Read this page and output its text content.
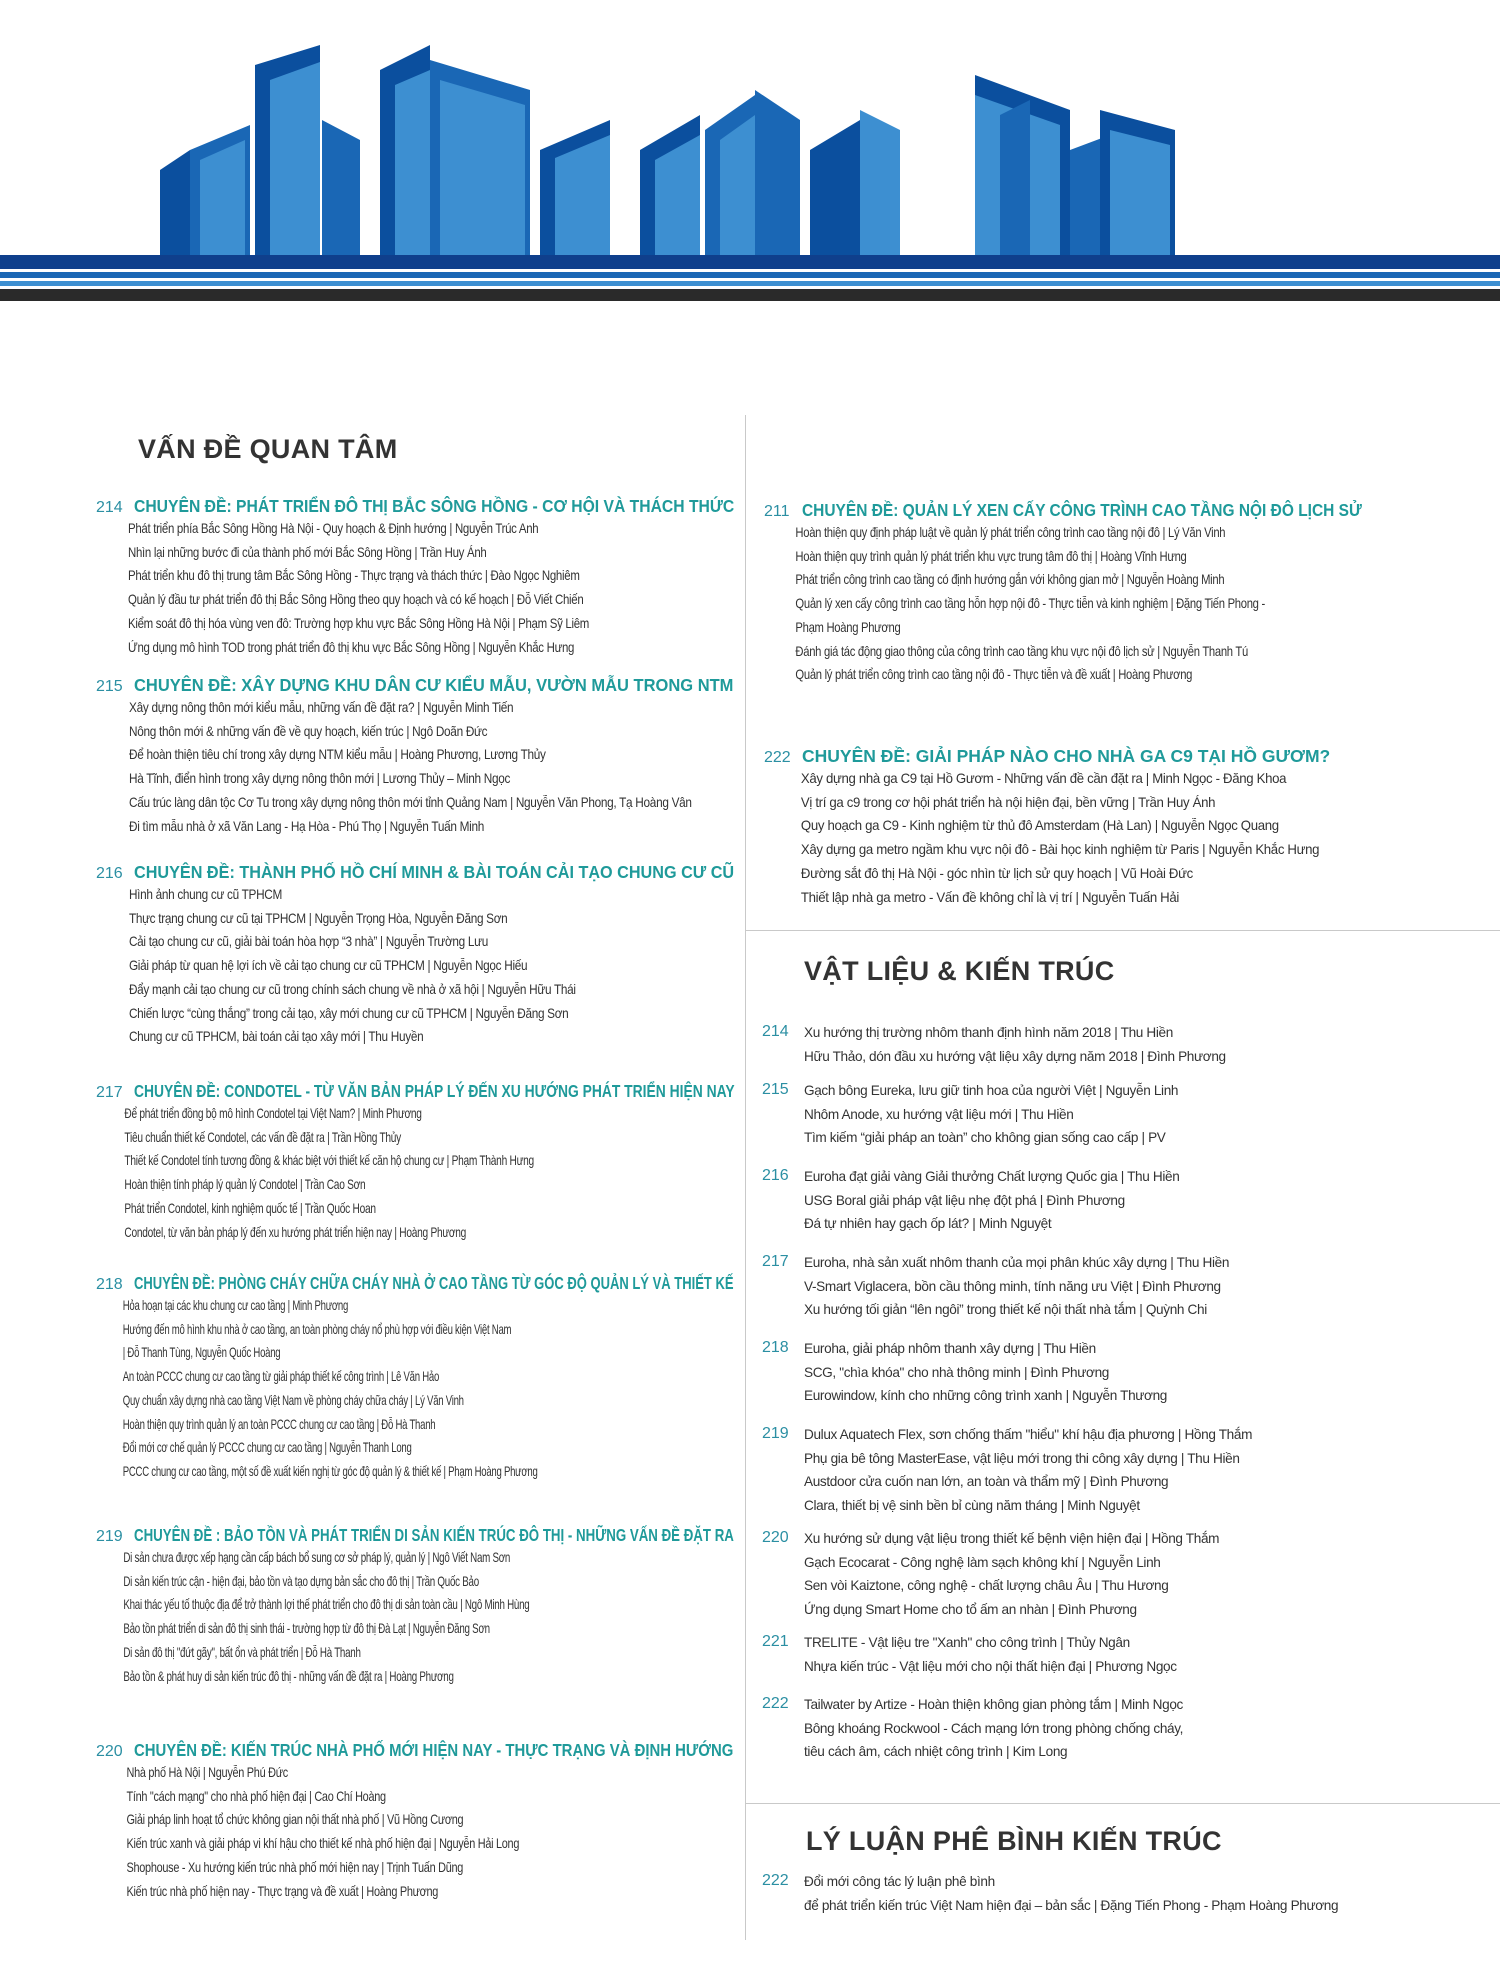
VẤN ĐỀ QUAN TÂM
214 CHUYÊN ĐỀ: PHÁT TRIỂN ĐÔ THỊ BẮC SÔNG HỒNG - CƠ HỘI VÀ THÁCH THỨC
Phát triển phía Bắc Sông Hồng Hà Nội - Quy hoạch & Định hướng | Nguyễn Trúc Anh
Nhìn lại những bước đi của thành phố mới Bắc Sông Hồng | Trần Huy Ánh
Phát triển khu đô thị trung tâm Bắc Sông Hồng - Thực trạng và thách thức | Đào Ngọc Nghiêm
Quản lý đầu tư phát triển đô thị Bắc Sông Hồng theo quy hoạch và có kế hoạch | Đỗ Viết Chiến
Kiểm soát đô thị hóa vùng ven đô: Trường hợp khu vực Bắc Sông Hồng Hà Nội | Phạm Sỹ Liêm
Ứng dụng mô hình TOD trong phát triển đô thị khu vực Bắc Sông Hồng | Nguyễn Khắc Hưng
215 CHUYÊN ĐỀ: XÂY DỰNG KHU DÂN CƯ KIỂU MẪU, VƯỜN MẪU TRONG NTM
Xây dựng nông thôn mới kiểu mẫu, những vấn đề đặt ra? | Nguyễn Minh Tiến
Nông thôn mới & những vấn đề về quy hoạch, kiến trúc | Ngô Doãn Đức
Để hoàn thiện tiêu chí trong xây dựng NTM kiểu mẫu | Hoàng Phương, Lương Thủy
Hà Tĩnh, điển hình trong xây dựng nông thôn mới | Lương Thủy – Minh Ngọc
Cấu trúc làng dân tộc Cơ Tu trong xây dựng nông thôn mới tỉnh Quảng Nam | Nguyễn Văn Phong, Tạ Hoàng Vân
Đi tìm mẫu nhà ở xã Văn Lang - Hạ Hòa - Phú Thọ | Nguyễn Tuấn Minh
216 CHUYÊN ĐỀ: THÀNH PHỐ HỒ CHÍ MINH & BÀI TOÁN CẢI TẠO CHUNG CƯ CŨ
Hình ảnh chung cư cũ TPHCM
Thực trạng chung cư cũ tại TPHCM | Nguyễn Trọng Hòa, Nguyễn Đăng Sơn
Cải tạo chung cư cũ, giải bài toán hòa hợp “3 nhà” | Nguyễn Trường Lưu
Giải pháp từ quan hệ lợi ích về cải tạo chung cư cũ TPHCM | Nguyễn Ngọc Hiếu
Đẩy mạnh cải tạo chung cư cũ trong chính sách chung về nhà ở xã hội | Nguyễn Hữu Thái
Chiến lược “cùng thắng” trong cải tạo, xây mới chung cư cũ TPHCM | Nguyễn Đăng Sơn
Chung cư cũ TPHCM, bài toán cải tạo xây mới | Thu Huyền
217 CHUYÊN ĐỀ: CONDOTEL - TỪ VĂN BẢN PHÁP LÝ ĐẾN XU HƯỚNG PHÁT TRIỂN HIỆN NAY
Để phát triển đồng bộ mô hình Condotel tại Việt Nam? | Minh Phương
Tiêu chuẩn thiết kế Condotel, các vấn đề đặt ra | Trần Hồng Thủy
Thiết kế Condotel tính tương đồng & khác biệt với thiết kế căn hộ chung cư | Phạm Thành Hưng
Hoàn thiện tính pháp lý quản lý Condotel | Trần Cao Sơn
Phát triển Condotel, kinh nghiệm quốc tế | Trần Quốc Hoan
Condotel, từ văn bản pháp lý đến xu hướng phát triển hiện nay | Hoàng Phương
218 CHUYÊN ĐỀ: PHÒNG CHÁY CHỮA CHÁY NHÀ Ở CAO TẦNG TỪ GÓC ĐỘ QUẢN LÝ VÀ THIẾT KẾ
Hỏa hoạn tại các khu chung cư cao tầng | Minh Phương
Hướng đến mô hình khu nhà ở cao tầng, an toàn phòng cháy nổ phù hợp với điều kiện Việt Nam
| Đỗ Thanh Tùng, Nguyễn Quốc Hoàng
An toàn PCCC chung cư cao tầng từ giải pháp thiết kế công trình | Lê Văn Hảo
Quy chuẩn xây dựng nhà cao tầng Việt Nam về phòng cháy chữa cháy | Lý Văn Vinh
Hoàn thiện quy trình quản lý an toàn PCCC chung cư cao tầng | Đỗ Hà Thanh
Đổi mới cơ chế quản lý PCCC chung cư cao tầng | Nguyễn Thanh Long
PCCC chung cư cao tầng, một số đề xuất kiến nghị từ góc độ quản lý & thiết kế | Phạm Hoàng Phương
219 CHUYÊN ĐỀ : BẢO TỒN VÀ PHÁT TRIỂN DI SẢN KIẾN TRÚC ĐÔ THỊ - NHỮNG VẤN ĐỀ ĐẶT RA
Di sản chưa được xếp hạng cần cấp bách bổ sung cơ sở pháp lý, quản lý | Ngô Viết Nam Sơn
Di sản kiến trúc cận - hiện đại, bảo tồn và tạo dựng bản sắc cho đô thị | Trần Quốc Bảo
Khai thác yếu tố thuộc địa để trở thành lợi thế phát triển cho đô thị di sản toàn cầu | Ngô Minh Hùng
Bảo tồn phát triển di sản đô thị sinh thái - trường hợp từ đô thị Đà Lạt | Nguyễn Đăng Sơn
Di sản đô thị "đứt gãy", bất ổn và phát triển | Đỗ Hà Thanh
Bảo tồn & phát huy di sản kiến trúc đô thị - những vấn đề đặt ra | Hoàng Phương
220 CHUYÊN ĐỀ: KIẾN TRÚC NHÀ PHỐ MỚI HIỆN NAY - THỰC TRẠNG VÀ ĐỊNH HƯỚNG
Nhà phố Hà Nội | Nguyễn Phú Đức
Tính "cách mạng" cho nhà phố hiện đại | Cao Chí Hoàng
Giải pháp linh hoạt tổ chức không gian nội thất nhà phố | Vũ Hồng Cương
Kiến trúc xanh và giải pháp vi khí hậu cho thiết kế nhà phố hiện đại | Nguyễn Hải Long
Shophouse - Xu hướng kiến trúc nhà phố mới hiện nay | Trịnh Tuấn Dũng
Kiến trúc nhà phố hiện nay - Thực trạng và đề xuất | Hoàng Phương
211 CHUYÊN ĐỀ: QUẢN LÝ XEN CẤY CÔNG TRÌNH CAO TẦNG NỘI ĐÔ LỊCH SỬ
Hoàn thiện quy định pháp luật về quản lý phát triển công trình cao tầng nội đô | Lý Văn Vinh
Hoàn thiện quy trình quản lý phát triển khu vực trung tâm đô thị | Hoàng Vĩnh Hưng
Phát triển công trình cao tầng có định hướng gắn với không gian mở | Nguyễn Hoàng Minh
Quản lý xen cấy công trình cao tầng hỗn hợp nội đô - Thực tiễn và kinh nghiệm | Đặng Tiến Phong -
Phạm Hoàng Phương
Đánh giá tác động giao thông của công trình cao tầng khu vực nội đô lịch sử | Nguyễn Thanh Tú
Quản lý phát triển công trình cao tầng nội đô - Thực tiễn và đề xuất | Hoàng Phương
222 CHUYÊN ĐỀ: GIẢI PHÁP NÀO CHO NHÀ GA C9 TẠI HỒ GƯƠM?
Xây dựng nhà ga C9 tại Hồ Gươm - Những vấn đề cần đặt ra | Minh Ngọc - Đăng Khoa
Vị trí ga c9 trong cơ hội phát triển hà nội hiện đại, bền vững | Trần Huy Ánh
Quy hoạch ga C9 - Kinh nghiệm từ thủ đô Amsterdam (Hà Lan) | Nguyễn Ngọc Quang
Xây dựng ga metro ngầm khu vực nội đô - Bài học kinh nghiệm từ Paris | Nguyễn Khắc Hưng
Đường sắt đô thị Hà Nội - góc nhìn từ lịch sử quy hoạch | Vũ Hoài Đức
Thiết lập nhà ga metro - Vấn đề không chỉ là vị trí | Nguyễn Tuấn Hải
VẬT LIỆU & KIẾN TRÚC
214	Xu hướng thị trường nhôm thanh định hình năm 2018 | Thu Hiền
Hữu Thảo, dón đầu xu hướng vật liệu xây dựng năm 2018 | Đình Phương
215	Gạch bông Eureka, lưu giữ tinh hoa của người Việt | Nguyễn Linh
Nhôm Anode, xu hướng vật liệu mới | Thu Hiền
Tìm kiếm “giải pháp an toàn” cho không gian sống cao cấp | PV
216	Euroha đạt giải vàng Giải thưởng Chất lượng Quốc gia | Thu Hiền
USG Boral giải pháp vật liệu nhẹ đột phá | Đình Phương
Đá tự nhiên hay gạch ốp lát? | Minh Nguyệt
217	Euroha, nhà sản xuất nhôm thanh của mọi phân khúc xây dựng | Thu Hiền
V-Smart Viglacera, bồn cầu thông minh, tính năng ưu Việt | Đình Phương
Xu hướng tối giản “lên ngôi” trong thiết kế nội thất nhà tắm | Quỳnh Chi
218	Euroha, giải pháp nhôm thanh xây dựng | Thu Hiền
SCG, "chìa khóa" cho nhà thông minh | Đình Phương
Eurowindow, kính cho những công trình xanh | Nguyễn Thương
219	Dulux Aquatech Flex, sơn chống thấm "hiểu" khí hậu địa phương | Hồng Thắm
Phụ gia bê tông MasterEase, vật liệu mới trong thi công xây dựng | Thu Hiền
Austdoor cửa cuốn nan lớn, an toàn và thẩm mỹ | Đình Phương
Clara, thiết bị vệ sinh bền bỉ cùng năm tháng | Minh Nguyệt
220	Xu hướng sử dụng vật liệu trong thiết kế bệnh viện hiện đại | Hồng Thắm
Gạch Ecocarat - Công nghệ làm sạch không khí | Nguyễn Linh
Sen vòi Kaiztone, công nghệ - chất lượng châu Âu | Thu Hương
Ứng dụng Smart Home cho tổ ấm an nhàn | Đình Phương
221	TRELITE - Vật liệu tre "Xanh" cho công trình | Thủy Ngân
Nhựa kiến trúc - Vật liệu mới cho nội thất hiện đại | Phương Ngọc
222	Tailwater by Artize - Hoàn thiện không gian phòng tắm | Minh Ngọc
Bông khoáng Rockwool - Cách mạng lớn trong phòng chống cháy,
tiêu cách âm, cách nhiệt công trình | Kim Long
LÝ LUẬN PHÊ BÌNH KIẾN TRÚC
222	Đổi mới công tác lý luận phê bình
để phát triển kiến trúc Việt Nam hiện đại – bản sắc | Đặng Tiến Phong - Phạm Hoàng Phương
